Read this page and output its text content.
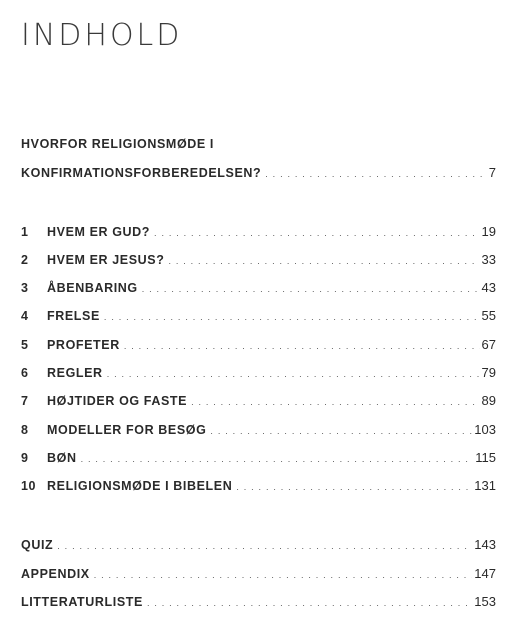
INDHOLD
HVORFOR RELIGIONSMØDE I
KONFIRMATIONSFORBEREDELSEN? . . .	7
1	HVEM ER GUD? . . .	19
2	HVEM ER JESUS? . . .	33
3	ÅBENBARING . . .	43
4	FRELSE . . .	55
5	PROFETER . . .	67
6	REGLER . . .	79
7	HØJTIDER OG FASTE . . .	89
8	MODELLER FOR BESØG . . .	103
9	BØN . . .	115
10 RELIGIONSMØDE I BIBELEN . . .	131
QUIZ . . .	143
APPENDIX . . .	147
LITTERATURLISTE . . .	153
